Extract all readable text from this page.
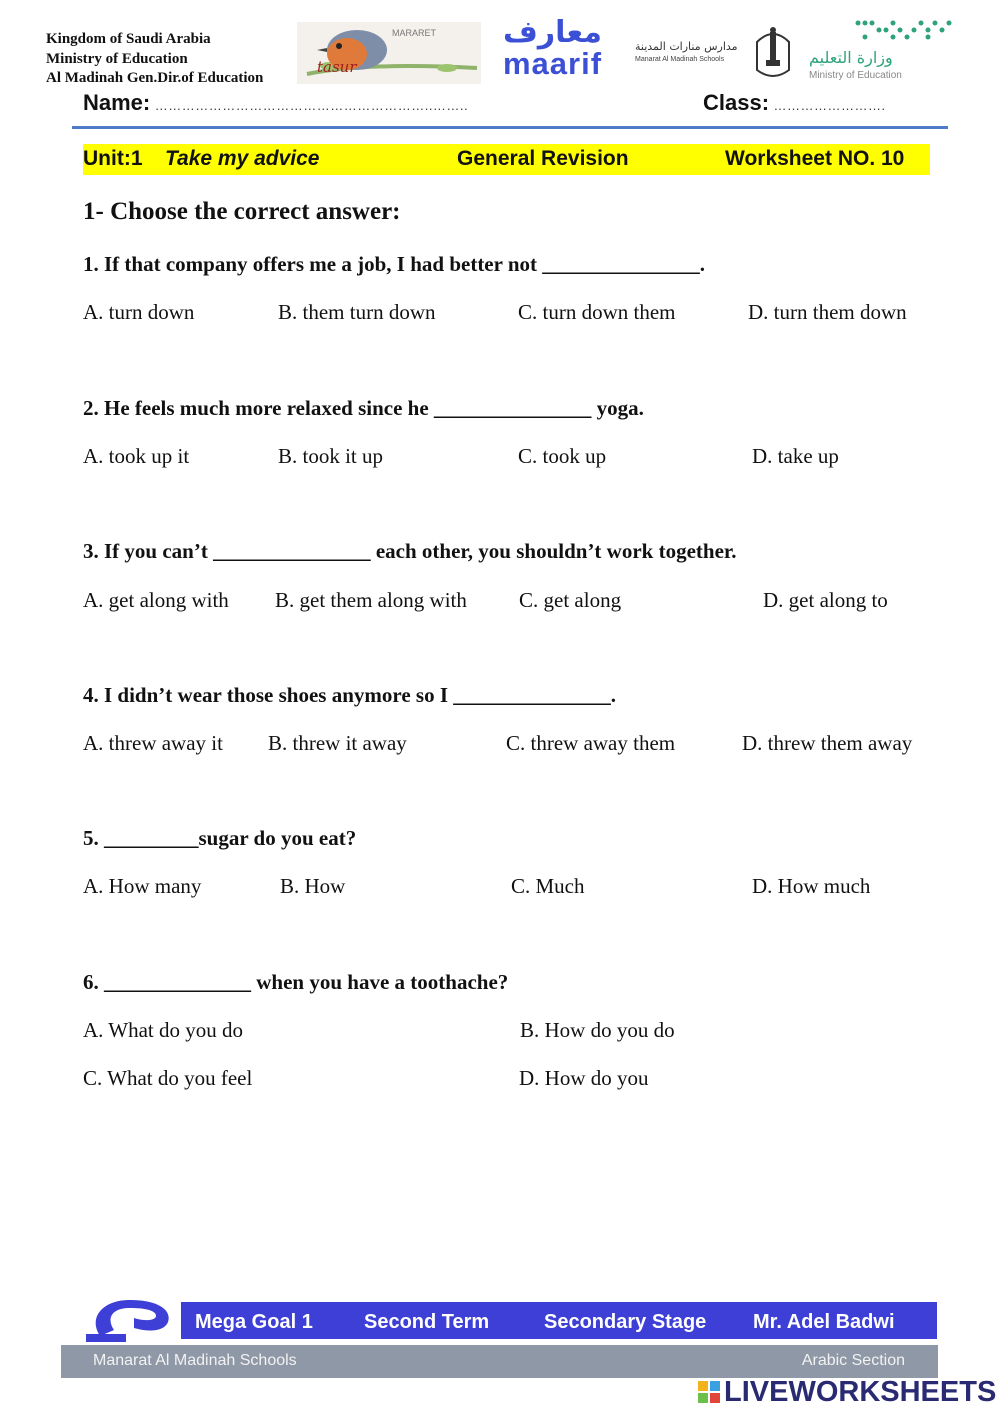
Kingdom of Saudi Arabia
Ministry of Education
Al Madinah Gen.Dir.of Education
tasur
MARARET	معارف
maarif	مدارس منارات المدينة
Manarat Al Madinah Schools	وزارة التعليم
Ministry of Education
Name: ……………………………………………………..……..	Class: …………………….
Unit:1 Take my advice	General Revision	Worksheet NO. 10
1- Choose the correct answer:
1. If that company offers me a job, I had better not _______________.
A. turn down	B. them turn down	C. turn down them	D. turn them down
2. He feels much more relaxed since he _______________ yoga.
A. took up it	B. took it up	C. took up	D. take up
3. If you can’t _______________ each other, you shouldn’t work together.
A. get along with B. get them along with C. get along	D. get along to
4. I didn’t wear those shoes anymore so I _______________.
A. threw away it B. threw it away	C. threw away them	D. threw them away
5. _________sugar do you eat?
A. How many	B. How	C. Much	D. How much
6. ______________ when you have a toothache?
A. What do you do	B. How do you do
C. What do you feel	D. How do you
Mega Goal 1	Second Term	Secondary Stage Mr. Adel Badwi
Manarat Al Madinah Schools	Arabic Section
LIVEWORKSHEETS
